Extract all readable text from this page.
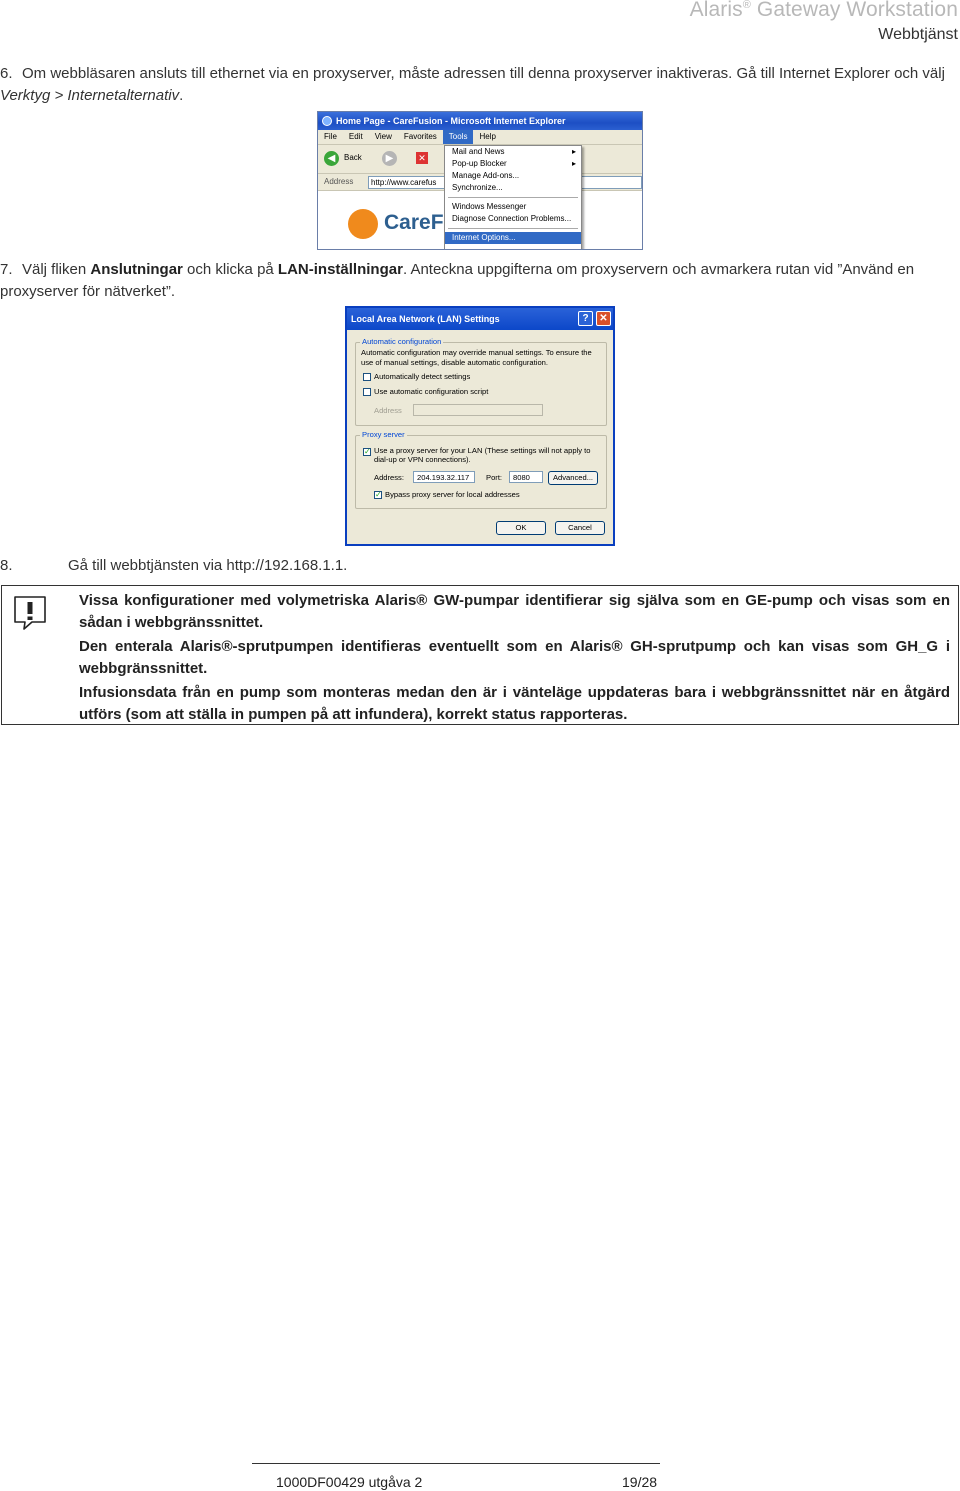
Alaris® Gateway Workstation
Webbtjänst
6. Om webbläsaren ansluts till ethernet via en proxyserver, måste adressen till denna proxyserver inaktiveras. Gå till Internet Explorer och välj Verktyg > Internetalternativ.
Home Page - CareFusion - Microsoft Internet Explorer
File Edit View Favorites Tools Help
◀	Back	▶	✕
Address	http://www.carefus
CareF
Mail and News	▸
Pop-up Blocker	▸
Manage Add-ons...
Synchronize...
Windows Messenger
Diagnose Connection Problems...
Internet Options...
7. Välj fliken Anslutningar och klicka på LAN-inställningar. Anteckna uppgifterna om proxyservern och avmarkera rutan vid ”Använd en proxyserver för nätverket”.
Local Area Network (LAN) Settings	?	✕
Automatic configuration
Automatic configuration may override manual settings. To ensure the use of manual settings, disable automatic configuration.
Automatically detect settings
Use automatic configuration script
Address
Proxy server
✓ Use a proxy server for your LAN (These settings will not apply to dial-up or VPN connections).
Address:	204.193.32.117	Port:	8080	Advanced...
✓ Bypass proxy server for local addresses
OK	Cancel
8.	Gå till webbtjänsten via http://192.168.1.1.

Vissa konfigurationer med volymetriska Alaris® GW-pumpar identifierar sig själva som en GE-pump och visas som en sådan i webbgränssnittet.

Den enterala Alaris®-sprutpumpen identifieras eventuellt som en Alaris® GH-sprutpump och kan visas som GH_G i webbgränssnittet.

Infusionsdata från en pump som monteras medan den är i vänteläge uppdateras bara i webbgränssnittet när en åtgärd utförs (som att ställa in pumpen på att infundera), korrekt status rapporteras.

1000DF00429 utgåva 2	19/28
